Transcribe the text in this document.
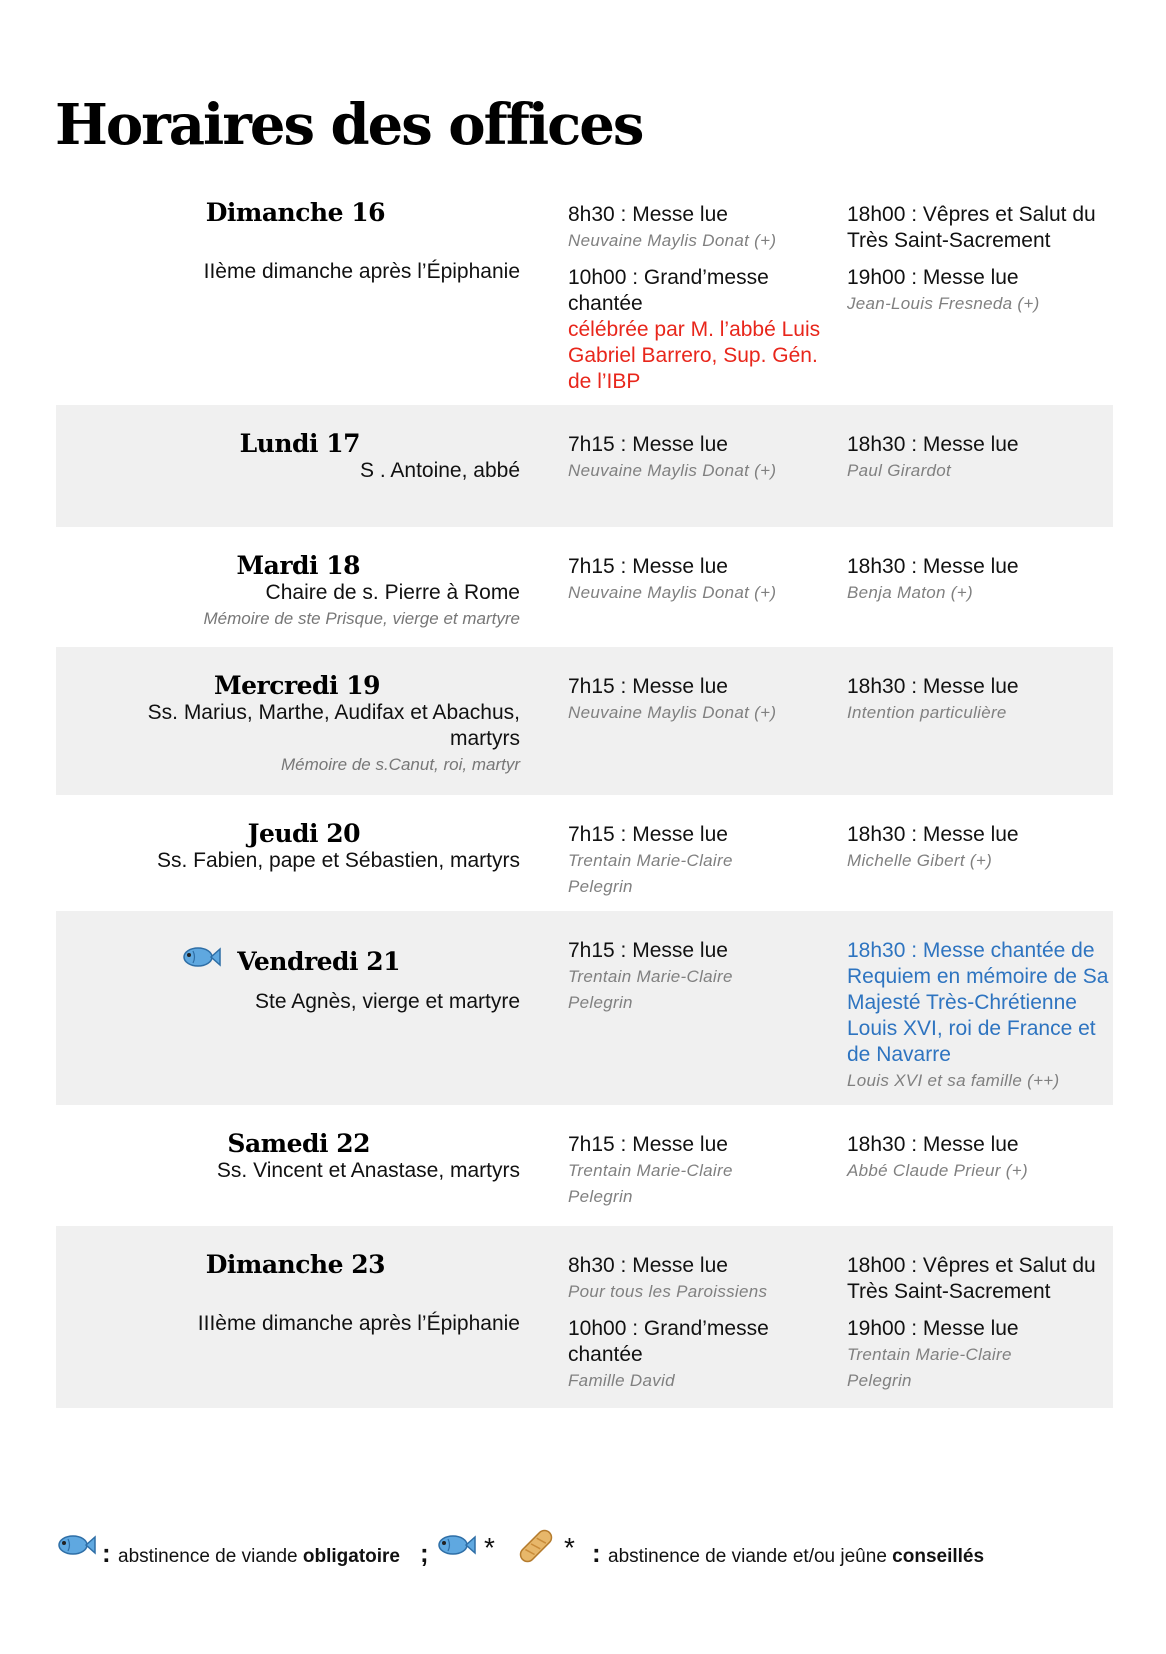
Horaires des offices
Dimanche 16
IIème dimanche après l’Épiphanie
8h30 : Messe lue
Neuvaine Maylis Donat (+)
10h00 : Grand’messe chantée
célébrée par M. l’abbé Luis Gabriel Barrero, Sup. Gén. de l’IBP
18h00 : Vêpres et Salut du Très Saint-Sacrement
19h00 : Messe lue
Jean-Louis Fresneda (+)
Lundi 17
S . Antoine, abbé
7h15 : Messe lue
Neuvaine Maylis Donat (+)
18h30 : Messe lue
Paul Girardot
Mardi 18
Chaire de s. Pierre à Rome
Mémoire de ste Prisque, vierge et martyre
7h15 : Messe lue
Neuvaine Maylis Donat (+)
18h30 : Messe lue
Benja Maton (+)
Mercredi 19
Ss. Marius, Marthe, Audifax et Abachus, martyrs
Mémoire de s.Canut, roi, martyr
7h15 : Messe lue
Neuvaine Maylis Donat (+)
18h30 : Messe lue
Intention particulière
Jeudi 20
Ss. Fabien, pape et Sébastien, martyrs
7h15 : Messe lue
Trentain Marie-Claire Pelegrin
18h30 : Messe lue
Michelle Gibert (+)
Vendredi 21
Ste Agnès, vierge et martyre
7h15 : Messe lue
Trentain Marie-Claire Pelegrin
18h30 : Messe chantée de Requiem en mémoire de Sa Majesté Très-Chrétienne Louis XVI, roi de France et de Navarre
Louis XVI et sa famille (++)
Samedi 22
Ss. Vincent et Anastase, martyrs
7h15 : Messe lue
Trentain Marie-Claire Pelegrin
18h30 : Messe lue
Abbé Claude Prieur (+)
Dimanche 23
IIIème dimanche après l’Épiphanie
8h30 : Messe lue
Pour tous les Paroissiens
10h00 : Grand’messe chantée
Famille David
18h00 : Vêpres et Salut du Très Saint-Sacrement
19h00 : Messe lue
Trentain Marie-Claire Pelegrin
: abstinence de viande obligatoire ; * * : abstinence de viande et/ou jeûne conseillés
